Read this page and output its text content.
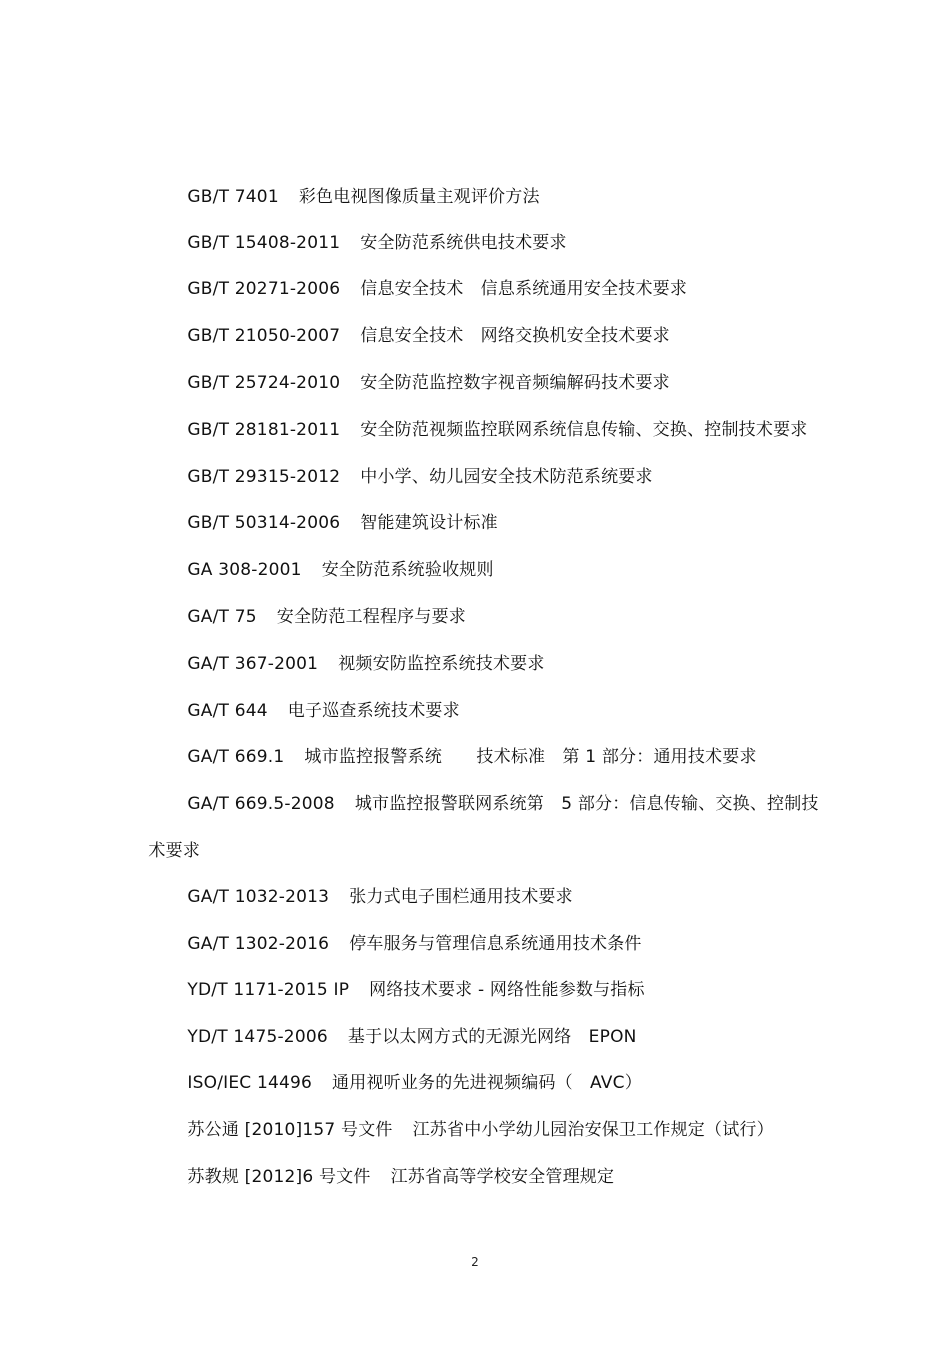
GB/T 7401 彩色电视图像质量主观评价方法

GB/T 15408-2011 安全防范系统供电技术要求

GB/T 20271-2006 信息安全技术　信息系统通用安全技术要求

GB/T 21050-2007 信息安全技术　网络交换机安全技术要求

GB/T 25724-2010 安全防范监控数字视音频编解码技术要求

GB/T 28181-2011 安全防范视频监控联网系统信息传输、交换、控制技术要求

GB/T 29315-2012 中小学、幼儿园安全技术防范系统要求

GB/T 50314-2006 智能建筑设计标准

GA 308-2001 安全防范系统验收规则

GA/T 75 安全防范工程程序与要求

GA/T 367-2001 视频安防监控系统技术要求

GA/T 644 电子巡查系统技术要求

GA/T 669.1 城市监控报警系统　　技术标准　第 1 部分：通用技术要求

GA/T 669.5-2008 城市监控报警联网系统第　5 部分：信息传输、交换、控制技

术要求

GA/T 1032-2013 张力式电子围栏通用技术要求

GA/T 1302-2016 停车服务与管理信息系统通用技术条件

YD/T 1171-2015 IP 网络技术要求 - 网络性能参数与指标

YD/T 1475-2006 基于以太网方式的无源光网络　EPON

ISO/IEC 14496 通用视听业务的先进视频编码（　AVC）

苏公通 [2010]157 号文件 江苏省中小学幼儿园治安保卫工作规定（试行）

苏教规 [2012]6 号文件 江苏省高等学校安全管理规定

2
